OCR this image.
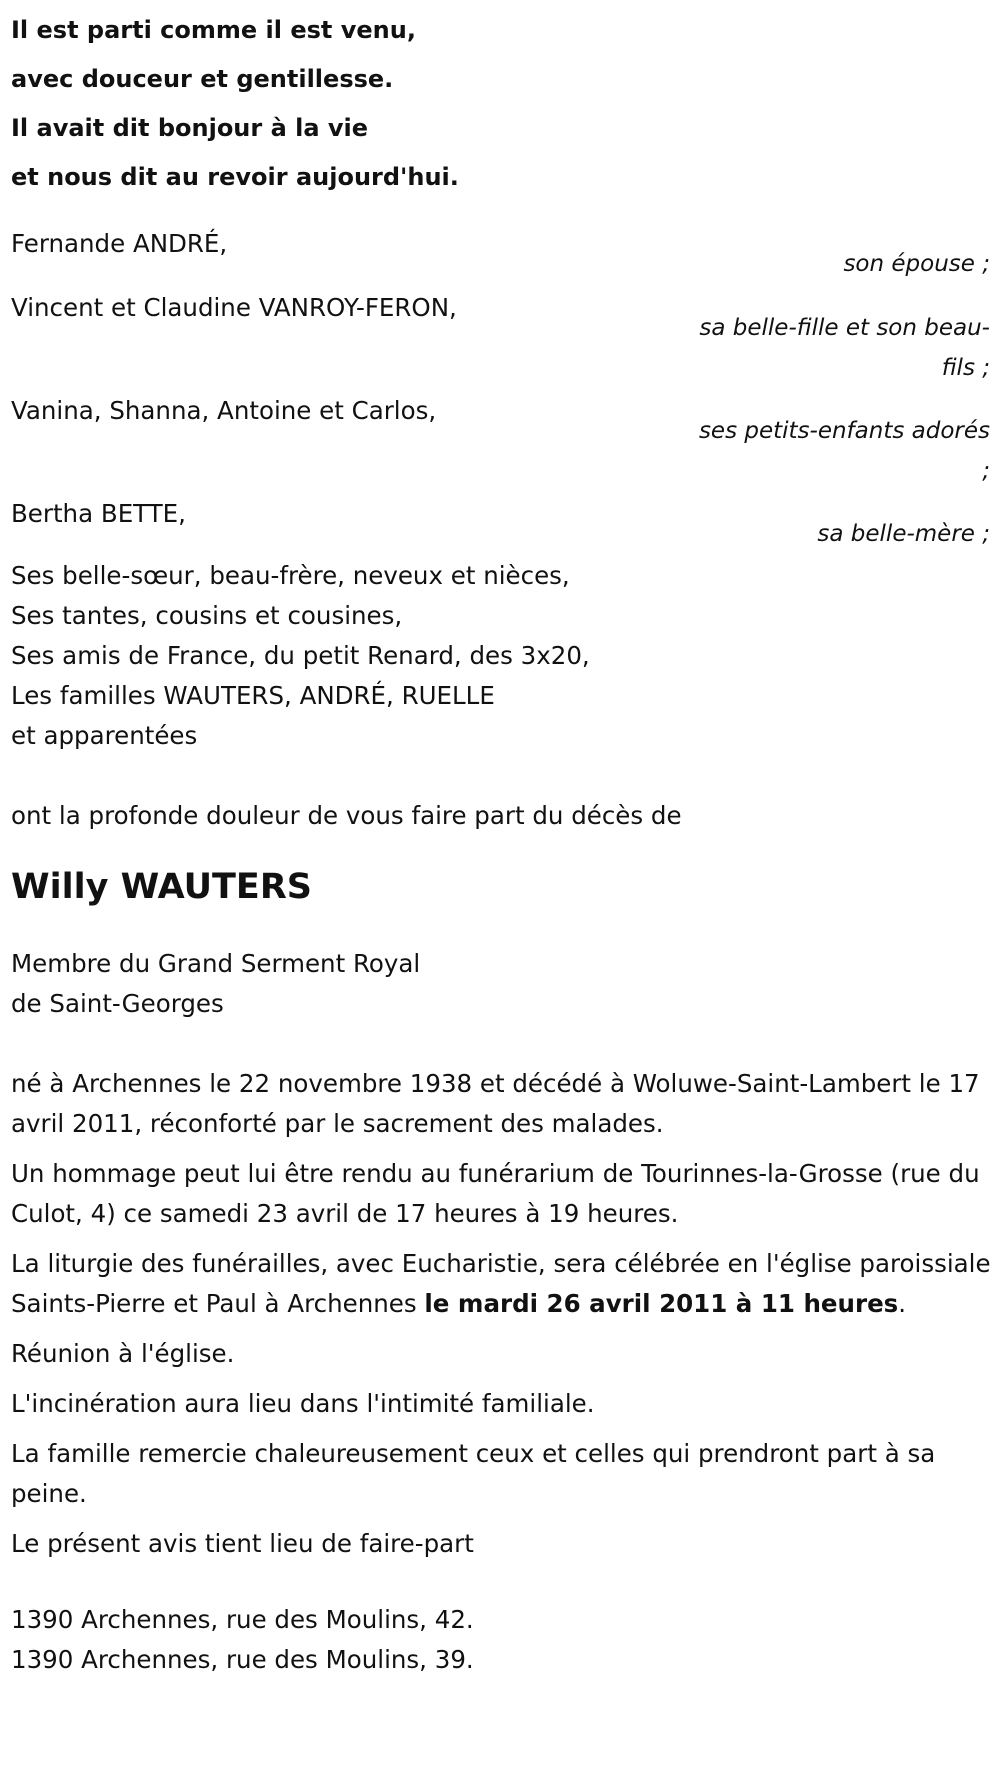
Il est parti comme il est venu,
avec douceur et gentillesse.
Il avait dit bonjour à la vie
et nous dit au revoir aujourd'hui.
Fernande ANDRÉ,
son épouse ;
Vincent et Claudine VANROY-FERON,
sa belle-fille et son beau-fils ;
Vanina, Shanna, Antoine et Carlos,
ses petits-enfants adorés ;
Bertha BETTE,
sa belle-mère ;
Ses belle-sœur, beau-frère, neveux et nièces,
Ses tantes, cousins et cousines,
Ses amis de France, du petit Renard, des 3x20,
Les familles WAUTERS, ANDRÉ, RUELLE
et apparentées
ont la profonde douleur de vous faire part du décès de
Willy WAUTERS
Membre du Grand Serment Royal
de Saint-Georges

né à Archennes le 22 novembre 1938 et décédé à Woluwe-Saint-Lambert le 17 avril 2011, réconforté par le sacrement des malades.

Un hommage peut lui être rendu au funérarium de Tourinnes-la-Grosse (rue du Culot, 4) ce samedi 23 avril de 17 heures à 19 heures.

La liturgie des funérailles, avec Eucharistie, sera célébrée en l'église paroissiale Saints-Pierre et Paul à Archennes le mardi 26 avril 2011 à 11 heures.

Réunion à l'église.

L'incinération aura lieu dans l'intimité familiale.

La famille remercie chaleureusement ceux et celles qui prendront part à sa peine.

Le présent avis tient lieu de faire-part

1390 Archennes, rue des Moulins, 42.
1390 Archennes, rue des Moulins, 39.
